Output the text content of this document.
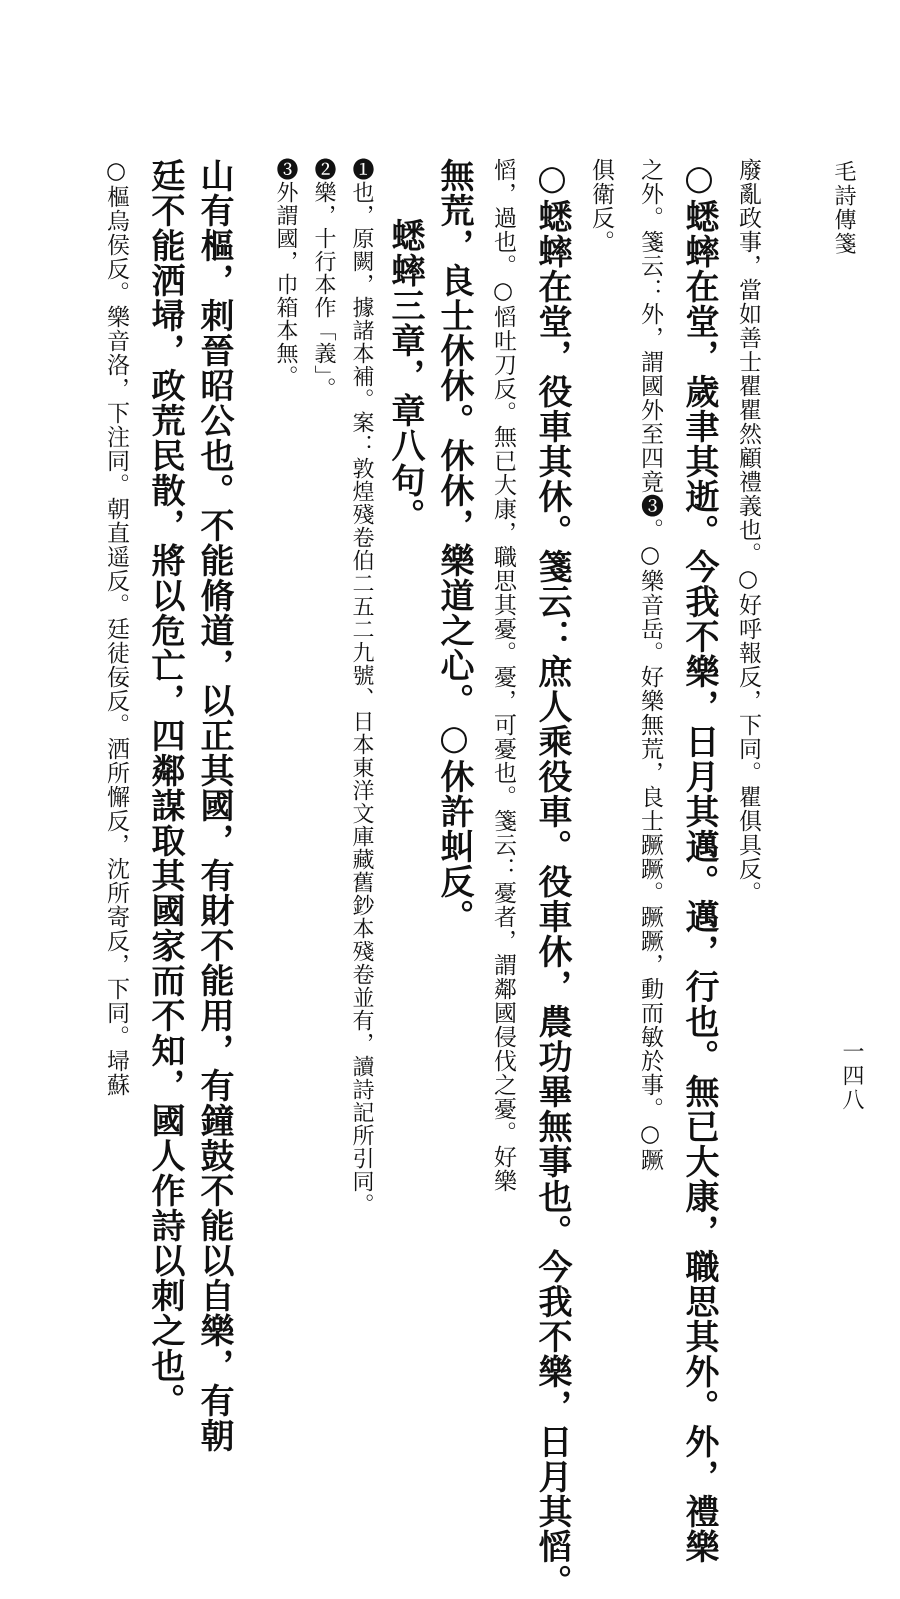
毛詩傳箋
一四八
廢亂政事，當如善士瞿瞿然顧禮義也。○好呼報反，下同。瞿俱具反。
○蟋蟀在堂，歲聿其逝。今我不樂，日月其邁。邁，行也。無已大康，職思其外。外，禮樂
之外。箋云：外，謂國外至四竟❸。○樂音岳。好樂無荒，良士蹶蹶。蹶蹶，動而敏於事。○蹶
俱衛反。
○蟋蟀在堂，役車其休。箋云：庶人乘役車。役車休，農功畢無事也。今我不樂，日月其慆。
慆，過也。○慆吐刀反。無已大康，職思其憂。憂，可憂也。箋云：憂者，謂鄰國侵伐之憂。好樂
無荒，良士休休。休休，樂道之心。○休許虯反。
蟋蟀三章，章八句。
❶也，原闕，據諸本補。案：敦煌殘卷伯二五二九號、日本東洋文庫藏舊鈔本殘卷並有，讀詩記所引同。
❷樂，十行本作「義」。
❸外謂國，巾箱本無。
山有樞，刺晉昭公也。不能脩道，以正其國，有財不能用，有鐘鼓不能以自樂，有朝
廷不能洒埽，政荒民散，將以危亡，四鄰謀取其國家而不知，國人作詩以刺之也。
○樞烏侯反。樂音洛，下注同。朝直遥反。廷徒佞反。洒所懈反，沈所寄反，下同。埽蘇
